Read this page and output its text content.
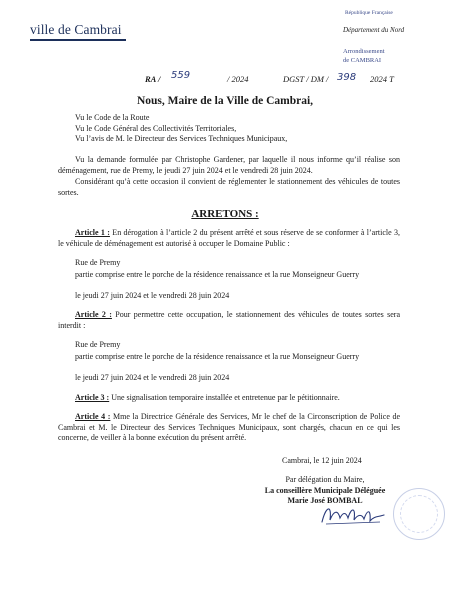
ville de Cambrai
République Française
Département du Nord
Arrondissement
de CAMBRAI
RA / 559	/ 2024	DGST / DM / 398 2024 T
Nous, Maire de la Ville de Cambrai,
Vu le Code de la Route
Vu le Code Général des Collectivités Territoriales,
Vu l’avis de M. le Directeur des Services Techniques Municipaux,
Vu la demande formulée par Christophe Gardener, par laquelle il nous informe qu’il réalise son déménagement, rue de Premy, le jeudi 27 juin 2024 et le vendredi 28 juin 2024.
Considérant qu’à cette occasion il convient de réglementer le stationnement des véhicules de toutes sortes.
ARRETONS :
Article 1 : En dérogation à l’article 2 du présent arrêté et sous réserve de se conformer à l’article 3, le véhicule de déménagement est autorisé à occuper le Domaine Public :
Rue de Premy
partie comprise entre le porche de la résidence renaissance et la rue Monseigneur Guerry
le jeudi 27 juin 2024 et le vendredi 28 juin 2024
Article 2 : Pour permettre cette occupation, le stationnement des véhicules de toutes sortes sera interdit :
Rue de Premy
partie comprise entre le porche de la résidence renaissance et la rue Monseigneur Guerry
le jeudi 27 juin 2024 et le vendredi 28 juin 2024
Article 3 : Une signalisation temporaire installée et entretenue par le pétitionnaire.
Article 4 : Mme la Directrice Générale des Services, Mr le chef de la Circonscription de Police de Cambrai et M. le Directeur des Services Techniques Municipaux, sont chargés, chacun en ce qui les concerne, de veiller à la bonne exécution du présent arrêté.
Cambrai, le 12 juin 2024
Par délégation du Maire,
La conseillère Municipale Déléguée
Marie José BOMBAL
